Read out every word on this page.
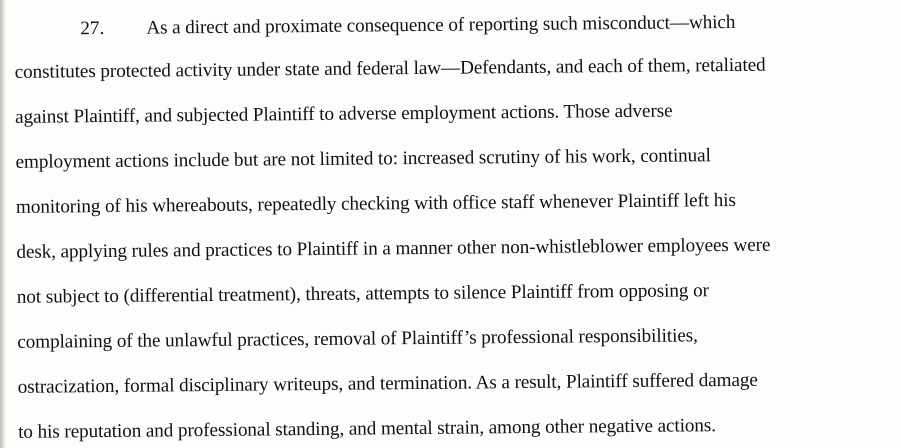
27. As a direct and proximate consequence of reporting such misconduct—which
constitutes protected activity under state and federal law—Defendants, and each of them, retaliated
against Plaintiff, and subjected Plaintiff to adverse employment actions. Those adverse
employment actions include but are not limited to: increased scrutiny of his work, continual
monitoring of his whereabouts, repeatedly checking with office staff whenever Plaintiff left his
desk, applying rules and practices to Plaintiff in a manner other non-whistleblower employees were
not subject to (differential treatment), threats, attempts to silence Plaintiff from opposing or
complaining of the unlawful practices, removal of Plaintiff’s professional responsibilities,
ostracization, formal disciplinary writeups, and termination. As a result, Plaintiff suffered damage
to his reputation and professional standing, and mental strain, among other negative actions.
